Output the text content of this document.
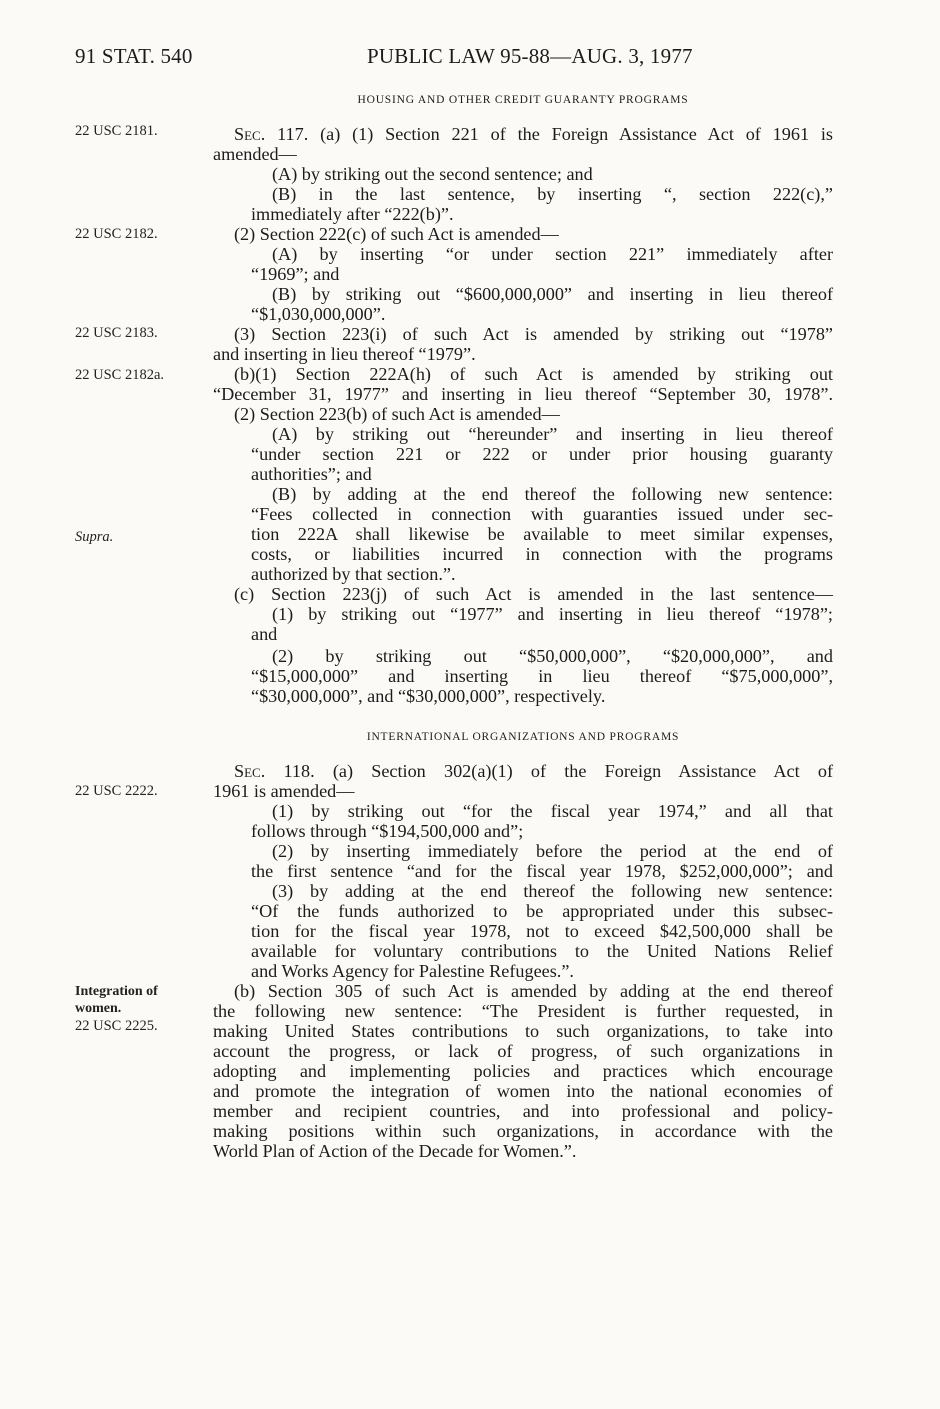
91 STAT. 540	PUBLIC LAW 95-88—AUG. 3, 1977
HOUSING AND OTHER CREDIT GUARANTY PROGRAMS
INTERNATIONAL ORGANIZATIONS AND PROGRAMS
22 USC 2181.
22 USC 2182.
22 USC 2183.
22 USC 2182a.
Supra.
22 USC 2222.
Integration of
women.
22 USC 2225.
Sec. 117. (a) (1) Section 221 of the Foreign Assistance Act of 1961 is
amended—
(A) by striking out the second sentence; and
(B) in the last sentence, by inserting “, section 222(c),”
immediately after “222(b)”.
(2) Section 222(c) of such Act is amended—
(A) by inserting “or under section 221” immediately after
“1969”; and
(B) by striking out “$600,000,000” and inserting in lieu thereof
“$1,030,000,000”.
(3) Section 223(i) of such Act is amended by striking out “1978”
and inserting in lieu thereof “1979”.
(b)(1) Section 222A(h) of such Act is amended by striking out
“December 31, 1977” and inserting in lieu thereof “September 30, 1978”.
(2) Section 223(b) of such Act is amended—
(A) by striking out “hereunder” and inserting in lieu thereof
“under section 221 or 222 or under prior housing guaranty
authorities”; and
(B) by adding at the end thereof the following new sentence:
“Fees collected in connection with guaranties issued under sec-
tion 222A shall likewise be available to meet similar expenses,
costs, or liabilities incurred in connection with the programs
authorized by that section.”.
(c) Section 223(j) of such Act is amended in the last sentence—
(1) by striking out “1977” and inserting in lieu thereof “1978”;
and
(2) by striking out “$50,000,000”, “$20,000,000”, and
“$15,000,000” and inserting in lieu thereof “$75,000,000”,
“$30,000,000”, and “$30,000,000”, respectively.
Sec. 118. (a) Section 302(a)(1) of the Foreign Assistance Act of
1961 is amended—
(1) by striking out “for the fiscal year 1974,” and all that
follows through “$194,500,000 and”;
(2) by inserting immediately before the period at the end of
the first sentence “and for the fiscal year 1978, $252,000,000”; and
(3) by adding at the end thereof the following new sentence:
“Of the funds authorized to be appropriated under this subsec-
tion for the fiscal year 1978, not to exceed $42,500,000 shall be
available for voluntary contributions to the United Nations Relief
and Works Agency for Palestine Refugees.”.
(b) Section 305 of such Act is amended by adding at the end thereof
the following new sentence: “The President is further requested, in
making United States contributions to such organizations, to take into
account the progress, or lack of progress, of such organizations in
adopting and implementing policies and practices which encourage
and promote the integration of women into the national economies of
member and recipient countries, and into professional and policy-
making positions within such organizations, in accordance with the
World Plan of Action of the Decade for Women.”.
